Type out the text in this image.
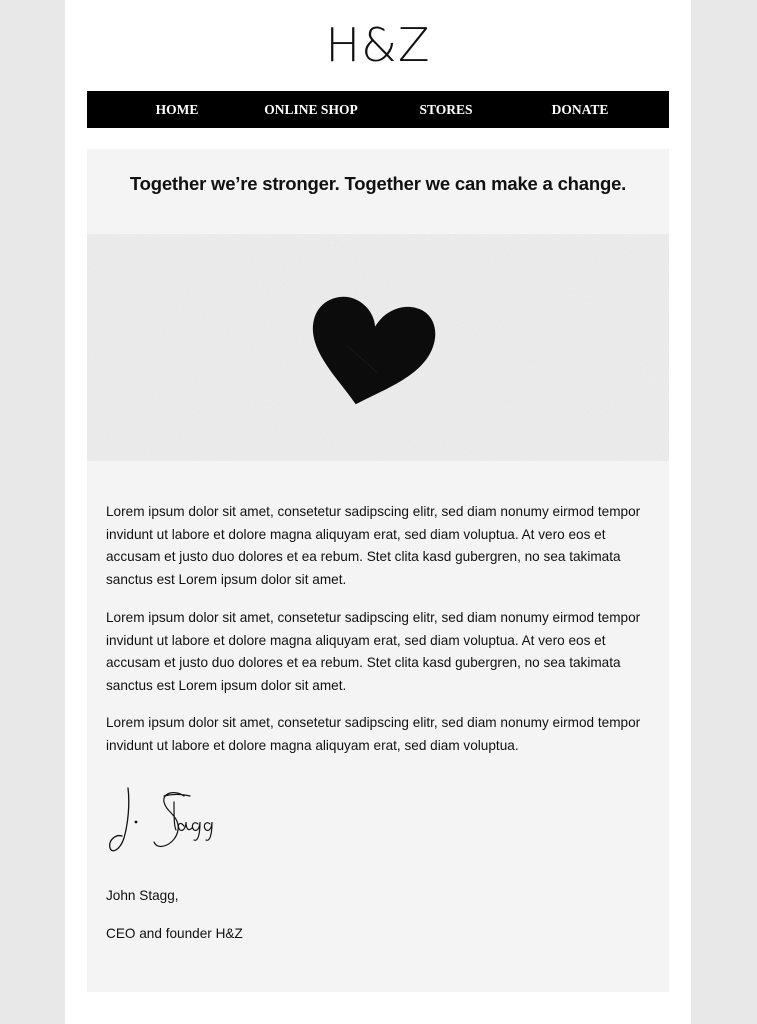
H&Z
HOME	ONLINE SHOP	STORES	DONATE
Together we’re stronger. Together we can make a change.

Lorem ipsum dolor sit amet, consetetur sadipscing elitr, sed diam nonumy eirmod tempor invidunt ut labore et dolore magna aliquyam erat, sed diam voluptua. At vero eos et accusam et justo duo dolores et ea rebum. Stet clita kasd gubergren, no sea takimata sanctus est Lorem ipsum dolor sit amet.

Lorem ipsum dolor sit amet, consetetur sadipscing elitr, sed diam nonumy eirmod tempor invidunt ut labore et dolore magna aliquyam erat, sed diam voluptua. At vero eos et accusam et justo duo dolores et ea rebum. Stet clita kasd gubergren, no sea takimata sanctus est Lorem ipsum dolor sit amet.

Lorem ipsum dolor sit amet, consetetur sadipscing elitr, sed diam nonumy eirmod tempor invidunt ut labore et dolore magna aliquyam erat, sed diam voluptua.

John Stagg,
CEO and founder H&Z
